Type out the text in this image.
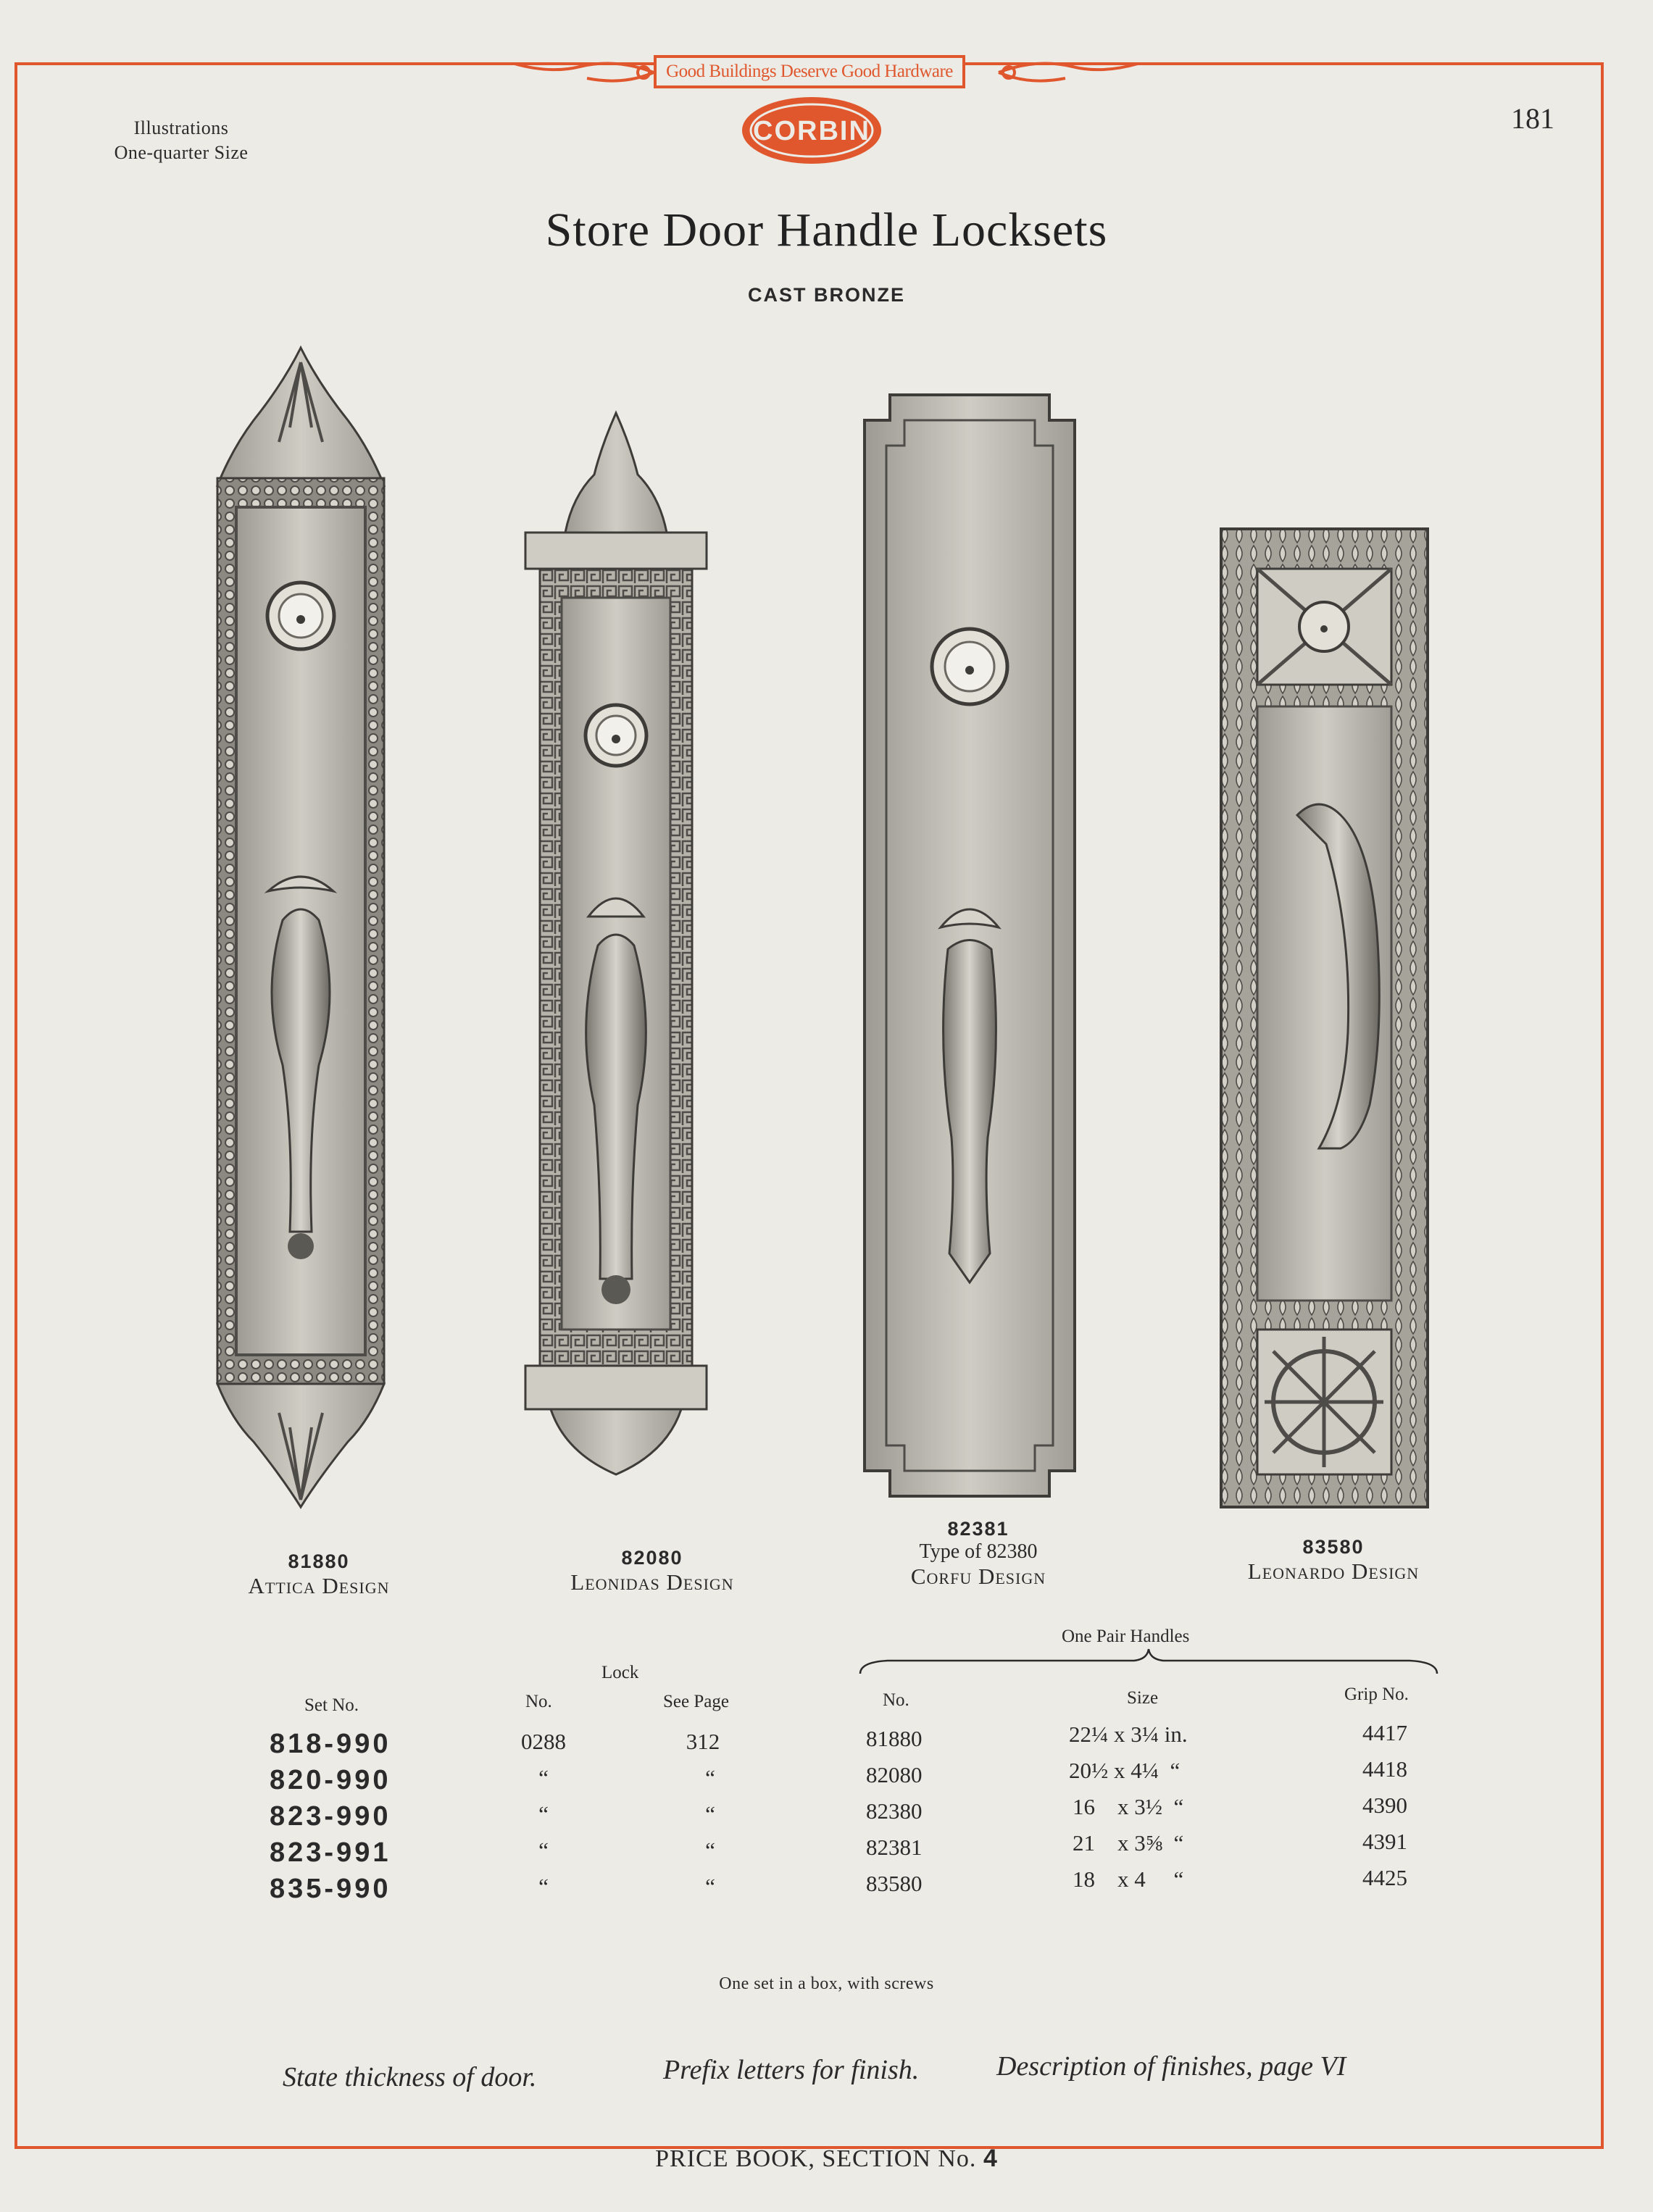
Good Buildings Deserve Good Hardware
CORBIN
Illustrations
One-quarter Size
181
Store Door Handle Locksets
CAST BRONZE
81880
Attica Design
82080
Leonidas Design
82381
Type of 82380
Corfu Design
83580
Leonardo Design
Lock
One Pair Handles
Set No.	No.	See Page	No.	Size	Grip No.
818-990	0288	312	81880	22¼ x 3¼ in.	4417
820-990	“	“	82080	20½ x 4¼  “	4418
823-990	“	“	82380	16    x 3½  “	4390
823-991	“	“	82381	21    x 3⅝  “	4391
835-990	“	“	83580	18    x 4     “	4425
One set in a box, with screws
State thickness of door.	Prefix letters for finish.	Description of finishes, page VI
PRICE BOOK, SECTION No. 4
